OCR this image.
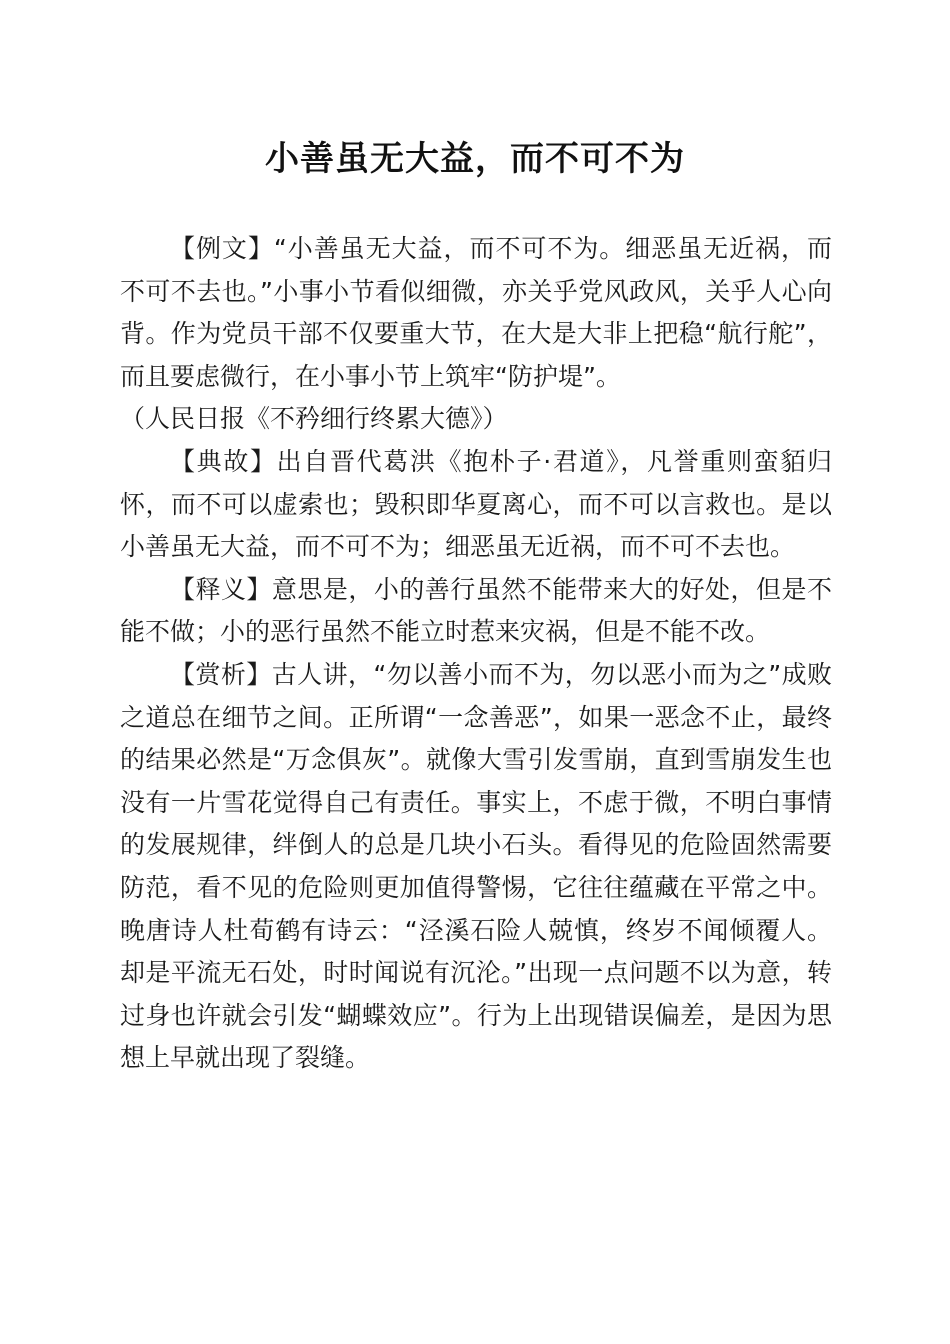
小善虽无大益，而不可不为

【例文】“小善虽无大益，而不可不为。细恶虽无近祸，而不可不去也。”小事小节看似细微，亦关乎党风政风，关乎人心向背。作为党员干部不仅要重大节，在大是大非上把稳“航行舵”，而且要虑微行，在小事小节上筑牢“防护堤”。
（人民日报《不矜细行终累大德》）

【典故】出自晋代葛洪《抱朴子·君道》，凡誉重则蛮貊归怀，而不可以虚索也；毁积即华夏离心，而不可以言救也。是以小善虽无大益，而不可不为；细恶虽无近祸，而不可不去也。

【释义】意思是，小的善行虽然不能带来大的好处，但是不能不做；小的恶行虽然不能立时惹来灾祸，但是不能不改。

【赏析】古人讲，“勿以善小而不为，勿以恶小而为之”成败之道总在细节之间。正所谓“一念善恶”，如果一恶念不止，最终的结果必然是“万念俱灰”。就像大雪引发雪崩，直到雪崩发生也没有一片雪花觉得自己有责任。事实上，不虑于微，不明白事情的发展规律，绊倒人的总是几块小石头。看得见的危险固然需要防范，看不见的危险则更加值得警惕，它往往蕴藏在平常之中。晚唐诗人杜荀鹤有诗云：“泾溪石险人兢慎，终岁不闻倾覆人。却是平流无石处，时时闻说有沉沦。”出现一点问题不以为意，转过身也许就会引发“蝴蝶效应”。行为上出现错误偏差，是因为思想上早就出现了裂缝。
